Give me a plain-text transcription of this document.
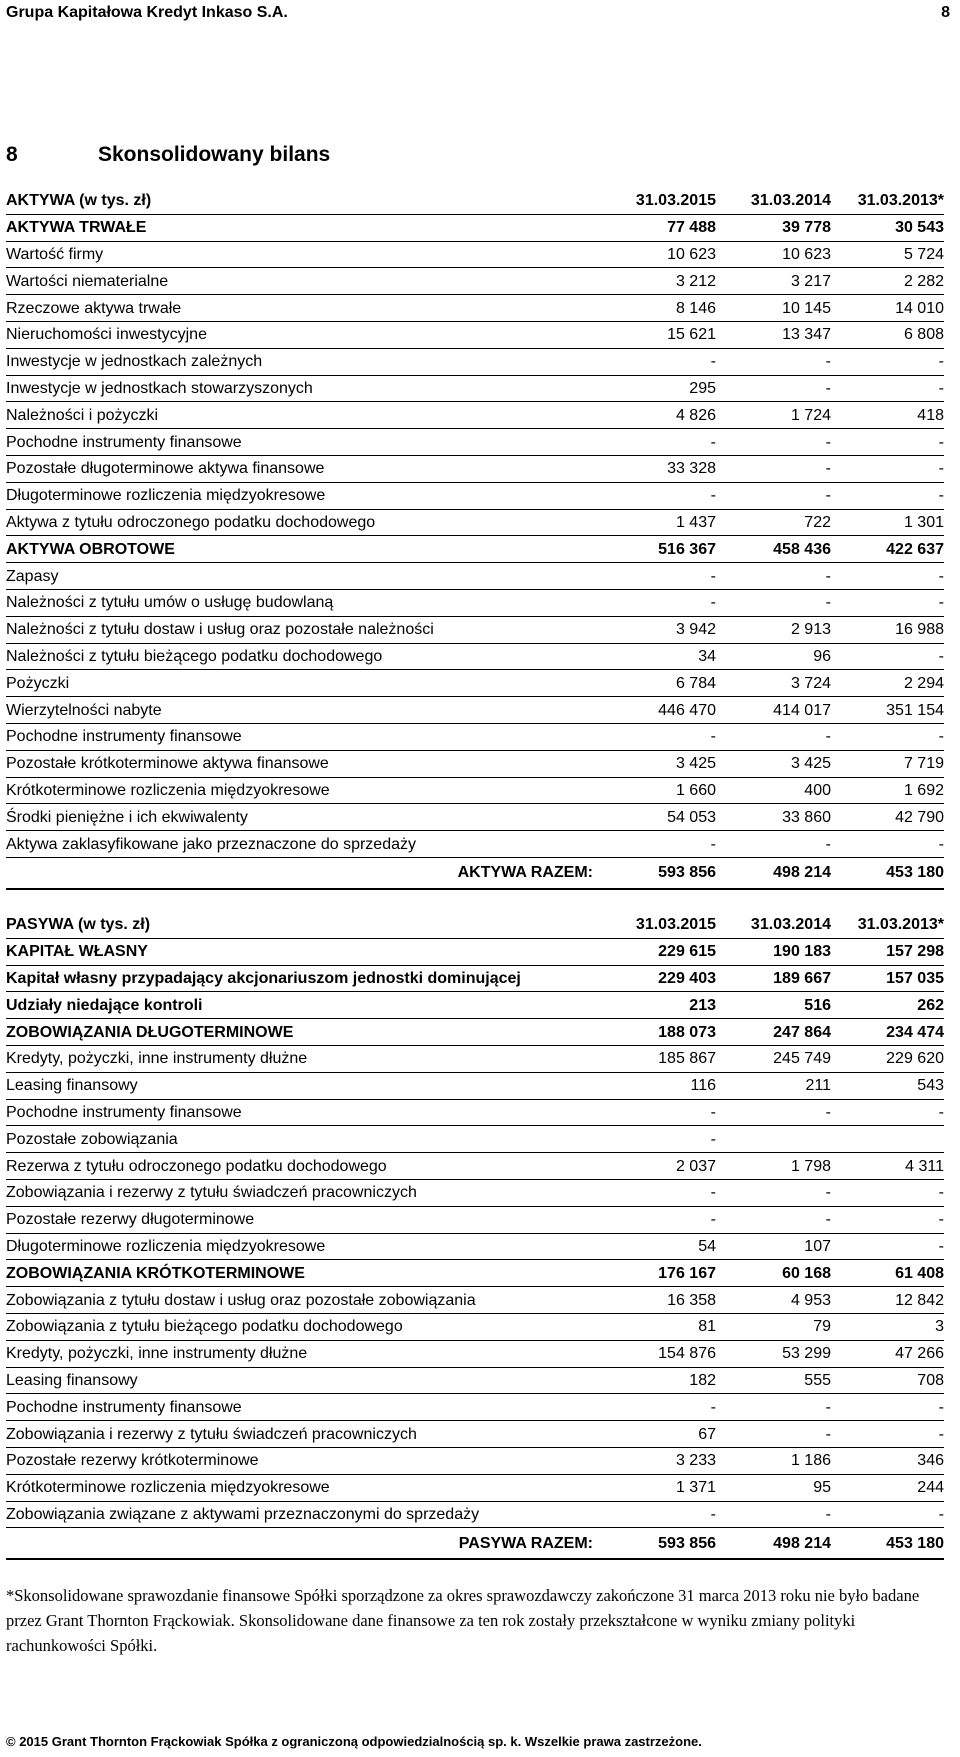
Grupa Kapitałowa Kredyt Inkaso S.A.	8
8	Skonsolidowany bilans
AKTYWA (w tys. zł)	31.03.2015	31.03.2014	31.03.2013*
AKTYWA TRWAŁE	77 488	39 778	30 543
Wartość firmy	10 623	10 623	5 724
Wartości niematerialne	3 212	3 217	2 282
Rzeczowe aktywa trwałe	8 146	10 145	14 010
Nieruchomości inwestycyjne	15 621	13 347	6 808
Inwestycje w jednostkach zależnych	-	-	-
Inwestycje w jednostkach stowarzyszonych	295	-	-
Należności i pożyczki	4 826	1 724	418
Pochodne instrumenty finansowe	-	-	-
Pozostałe długoterminowe aktywa finansowe	33 328	-	-
Długoterminowe rozliczenia międzyokresowe	-	-	-
Aktywa z tytułu odroczonego podatku dochodowego	1 437	722	1 301
AKTYWA OBROTOWE	516 367	458 436	422 637
Zapasy	-	-	-
Należności z tytułu umów o usługę budowlaną	-	-	-
Należności z tytułu dostaw i usług oraz pozostałe należności	3 942	2 913	16 988
Należności z tytułu bieżącego podatku dochodowego	34	96	-
Pożyczki	6 784	3 724	2 294
Wierzytelności nabyte	446 470	414 017	351 154
Pochodne instrumenty finansowe	-	-	-
Pozostałe krótkoterminowe aktywa finansowe	3 425	3 425	7 719
Krótkoterminowe rozliczenia międzyokresowe	1 660	400	1 692
Środki pieniężne i ich ekwiwalenty	54 053	33 860	42 790
Aktywa zaklasyfikowane jako przeznaczone do sprzedaży	-	-	-
AKTYWA RAZEM:	593 856	498 214	453 180
PASYWA (w tys. zł)	31.03.2015	31.03.2014	31.03.2013*
KAPITAŁ WŁASNY	229 615	190 183	157 298
Kapitał własny przypadający akcjonariuszom jednostki dominującej	229 403	189 667	157 035
Udziały niedające kontroli	213	516	262
ZOBOWIĄZANIA DŁUGOTERMINOWE	188 073	247 864	234 474
Kredyty, pożyczki, inne instrumenty dłużne	185 867	245 749	229 620
Leasing finansowy	116	211	543
Pochodne instrumenty finansowe	-	-	-
Pozostałe zobowiązania	-		
Rezerwa z tytułu odroczonego podatku dochodowego	2 037	1 798	4 311
Zobowiązania i rezerwy z tytułu świadczeń pracowniczych	-	-	-
Pozostałe rezerwy długoterminowe	-	-	-
Długoterminowe rozliczenia międzyokresowe	54	107	-
ZOBOWIĄZANIA KRÓTKOTERMINOWE	176 167	60 168	61 408
Zobowiązania z tytułu dostaw i usług oraz pozostałe zobowiązania	16 358	4 953	12 842
Zobowiązania z tytułu bieżącego podatku dochodowego	81	79	3
Kredyty, pożyczki, inne instrumenty dłużne	154 876	53 299	47 266
Leasing finansowy	182	555	708
Pochodne instrumenty finansowe	-	-	-
Zobowiązania i rezerwy z tytułu świadczeń pracowniczych	67	-	-
Pozostałe rezerwy krótkoterminowe	3 233	1 186	346
Krótkoterminowe rozliczenia międzyokresowe	1 371	95	244
Zobowiązania związane z aktywami przeznaczonymi do sprzedaży	-	-	-
PASYWA RAZEM:	593 856	498 214	453 180
*Skonsolidowane sprawozdanie finansowe Spółki sporządzone za okres sprawozdawczy zakończone 31 marca 2013 roku nie było badane przez Grant Thornton Frąckowiak. Skonsolidowane dane finansowe za ten rok zostały przekształcone w wyniku zmiany polityki rachunkowości Spółki.
© 2015 Grant Thornton Frąckowiak Spółka z ograniczoną odpowiedzialnością sp. k. Wszelkie prawa zastrzeżone.
